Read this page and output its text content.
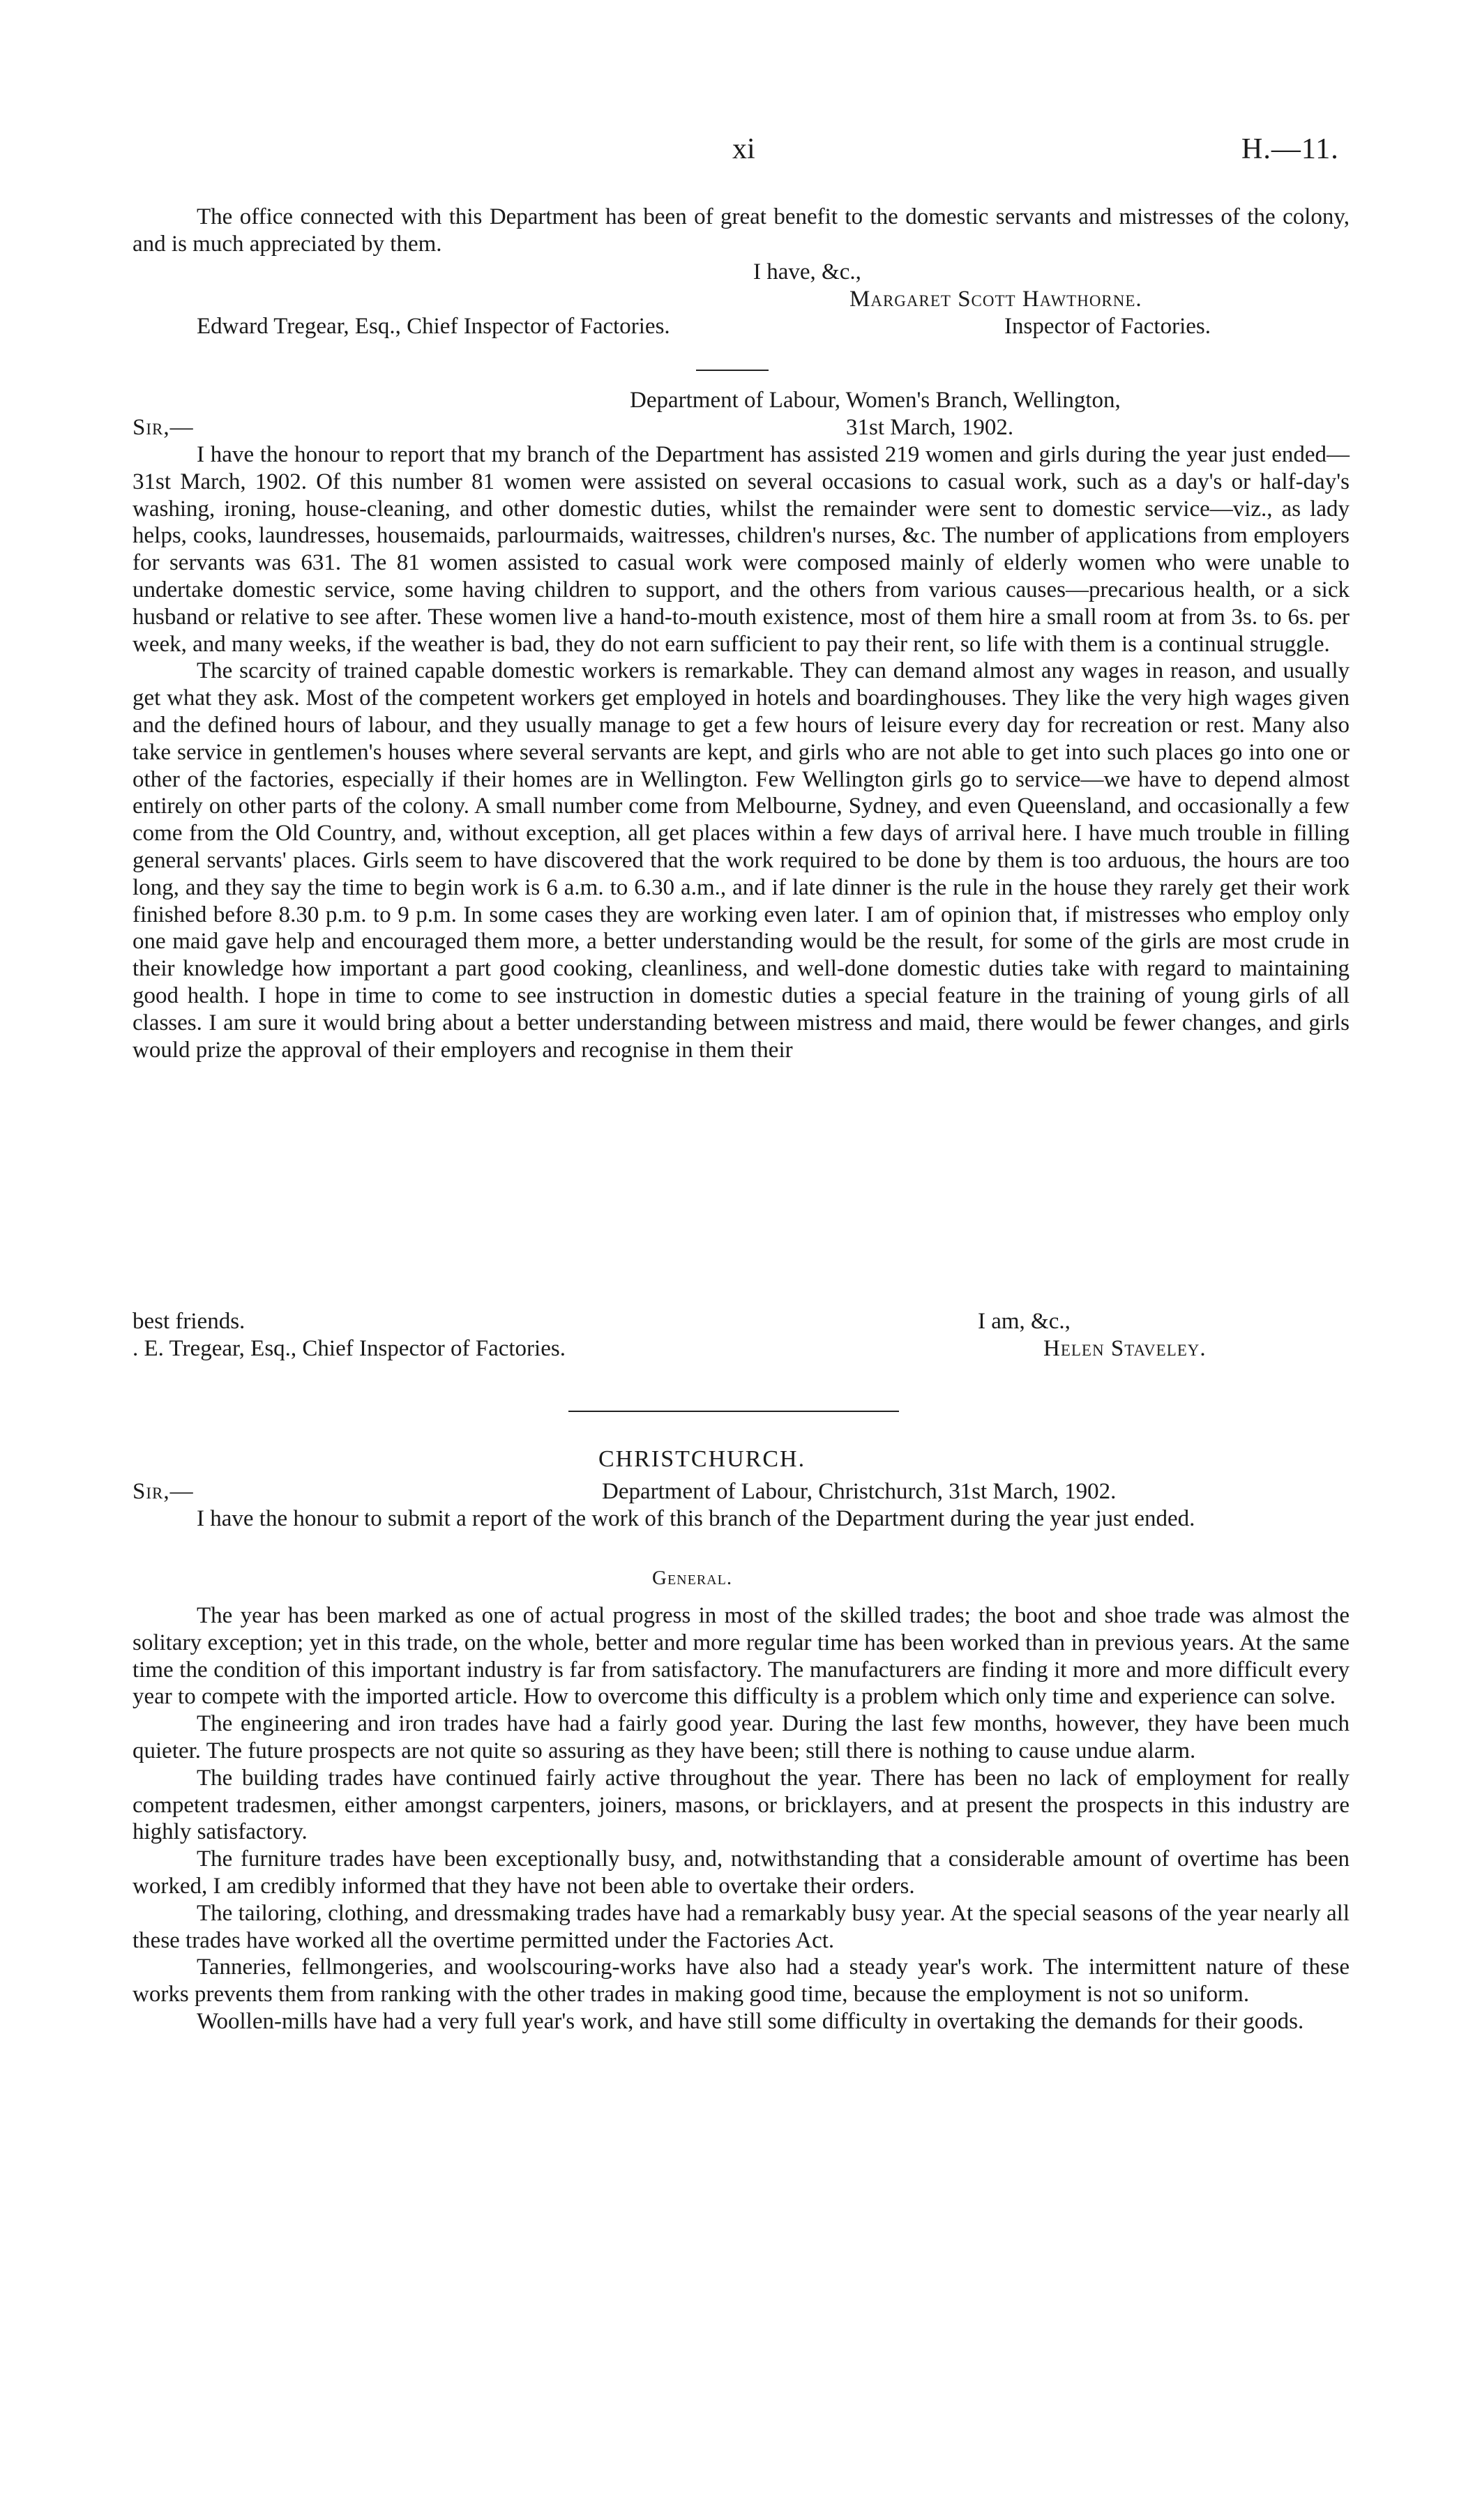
xi	H.—11.

The office connected with this Department has been of great benefit to the domestic servants and mistresses of the colony, and is much appreciated by them.

I have, &c.,
Margaret Scott Hawthorne.
Edward Tregear, Esq., Chief Inspector of Factories.	Inspector of Factories.
Department of Labour, Women's Branch, Wellington,
Sir,—	31st March, 1902.

I have the honour to report that my branch of the Department has assisted 219 women and girls during the year just ended—31st March, 1902. Of this number 81 women were assisted on several occasions to casual work, such as a day's or half-day's washing, ironing, house-cleaning, and other domestic duties, whilst the remainder were sent to domestic service—viz., as lady helps, cooks, laundresses, housemaids, parlourmaids, waitresses, children's nurses, &c. The number of applications from employers for servants was 631. The 81 women assisted to casual work were composed mainly of elderly women who were unable to undertake domestic service, some having children to support, and the others from various causes—precarious health, or a sick husband or relative to see after. These women live a hand-to-mouth existence, most of them hire a small room at from 3s. to 6s. per week, and many weeks, if the weather is bad, they do not earn sufficient to pay their rent, so life with them is a continual struggle.

The scarcity of trained capable domestic workers is remarkable. They can demand almost any wages in reason, and usually get what they ask. Most of the competent workers get employed in hotels and boardinghouses. They like the very high wages given and the defined hours of labour, and they usually manage to get a few hours of leisure every day for recreation or rest. Many also take service in gentlemen's houses where several servants are kept, and girls who are not able to get into such places go into one or other of the factories, especially if their homes are in Wellington. Few Wellington girls go to service—we have to depend almost entirely on other parts of the colony. A small number come from Melbourne, Sydney, and even Queensland, and occasionally a few come from the Old Country, and, without exception, all get places within a few days of arrival here. I have much trouble in filling general servants' places. Girls seem to have discovered that the work required to be done by them is too arduous, the hours are too long, and they say the time to begin work is 6 a.m. to 6.30 a.m., and if late dinner is the rule in the house they rarely get their work finished before 8.30 p.m. to 9 p.m. In some cases they are working even later. I am of opinion that, if mistresses who employ only one maid gave help and encouraged them more, a better understanding would be the result, for some of the girls are most crude in their knowledge how important a part good cooking, cleanliness, and well-done domestic duties take with regard to maintaining good health. I hope in time to come to see instruction in domestic duties a special feature in the training of young girls of all classes. I am sure it would bring about a better understanding between mistress and maid, there would be fewer changes, and girls would prize the approval of their employers and recognise in them their

best friends.	I am, &c.,
. E. Tregear, Esq., Chief Inspector of Factories.	Helen Staveley.
CHRISTCHURCH.
Sir,—	Department of Labour, Christchurch, 31st March, 1902.

I have the honour to submit a report of the work of this branch of the Department during the year just ended.

General.

The year has been marked as one of actual progress in most of the skilled trades; the boot and shoe trade was almost the solitary exception; yet in this trade, on the whole, better and more regular time has been worked than in previous years. At the same time the condition of this important industry is far from satisfactory. The manufacturers are finding it more and more difficult every year to compete with the imported article. How to overcome this difficulty is a problem which only time and experience can solve.

The engineering and iron trades have had a fairly good year. During the last few months, however, they have been much quieter. The future prospects are not quite so assuring as they have been; still there is nothing to cause undue alarm.

The building trades have continued fairly active throughout the year. There has been no lack of employment for really competent tradesmen, either amongst carpenters, joiners, masons, or bricklayers, and at present the prospects in this industry are highly satisfactory.

The furniture trades have been exceptionally busy, and, notwithstanding that a considerable amount of overtime has been worked, I am credibly informed that they have not been able to overtake their orders.

The tailoring, clothing, and dressmaking trades have had a remarkably busy year. At the special seasons of the year nearly all these trades have worked all the overtime permitted under the Factories Act.

Tanneries, fellmongeries, and woolscouring-works have also had a steady year's work. The intermittent nature of these works prevents them from ranking with the other trades in making good time, because the employment is not so uniform.

Woollen-mills have had a very full year's work, and have still some difficulty in overtaking the demands for their goods.
